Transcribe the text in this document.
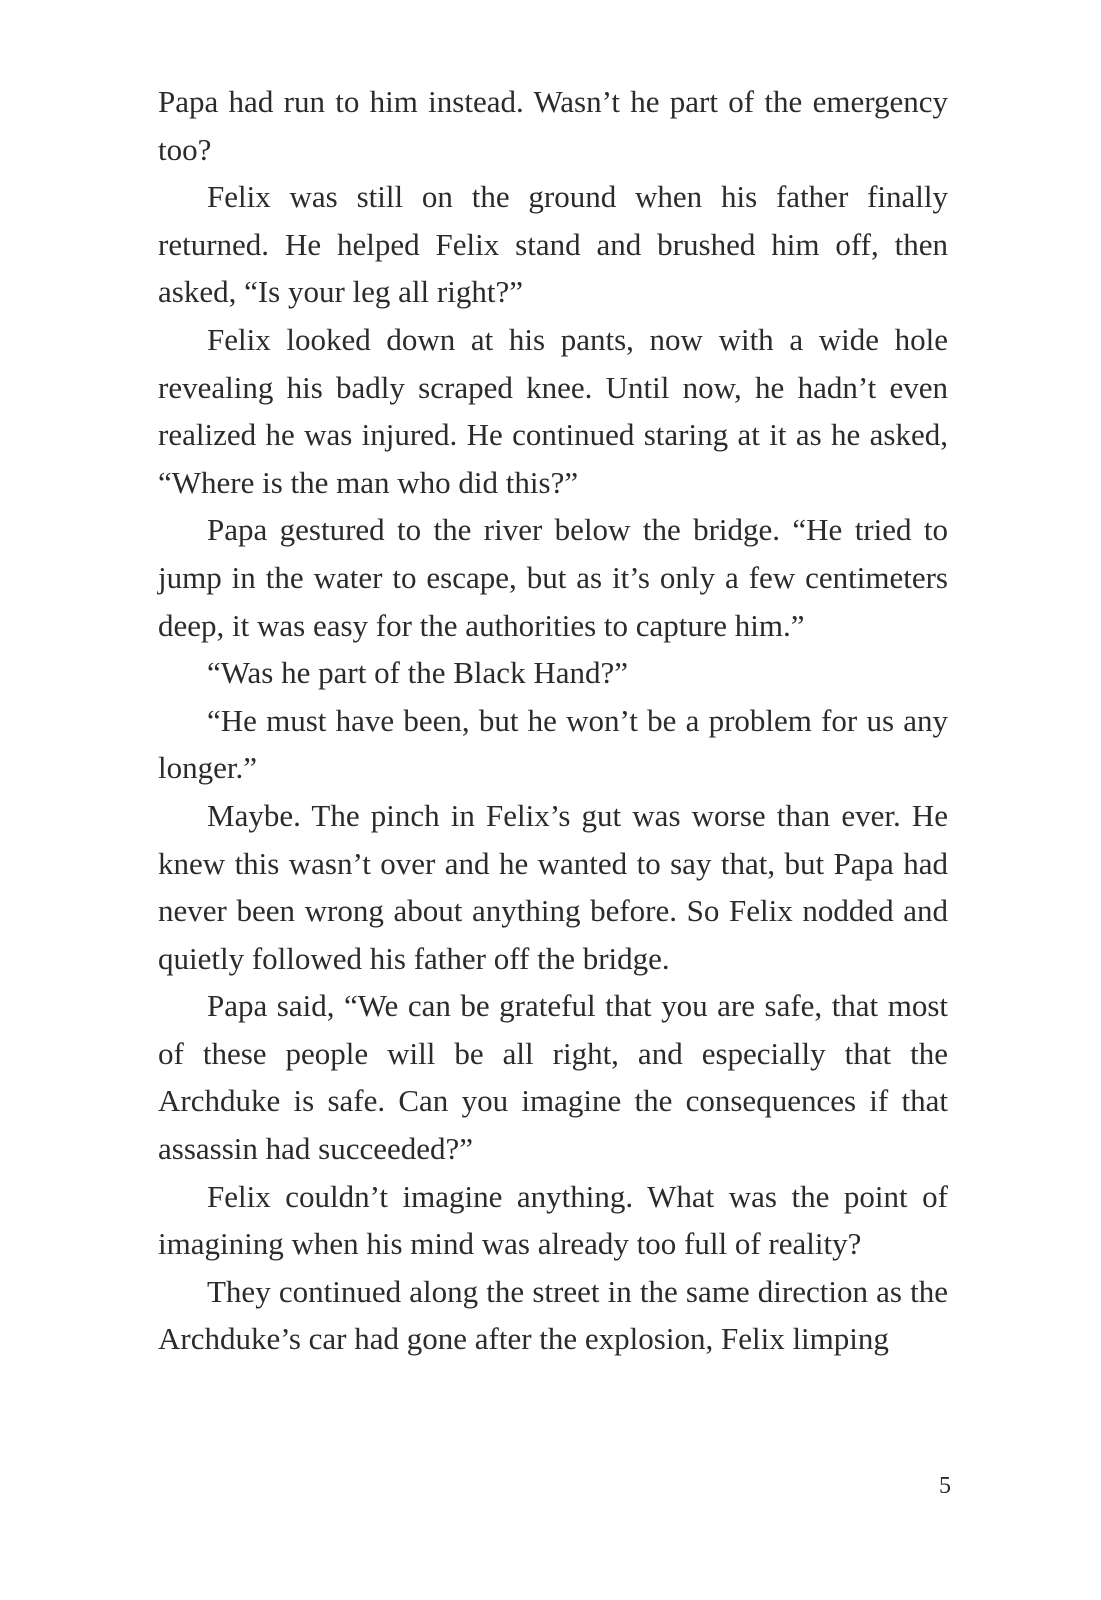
Papa had run to him instead. Wasn’t he part of the emergency too?

Felix was still on the ground when his father finally returned. He helped Felix stand and brushed him off, then asked, “Is your leg all right?”

Felix looked down at his pants, now with a wide hole revealing his badly scraped knee. Until now, he hadn’t even realized he was injured. He continued staring at it as he asked, “Where is the man who did this?”

Papa gestured to the river below the bridge. “He tried to jump in the water to escape, but as it’s only a few centimeters deep, it was easy for the authorities to capture him.”

“Was he part of the Black Hand?”

“He must have been, but he won’t be a problem for us any longer.”

Maybe. The pinch in Felix’s gut was worse than ever. He knew this wasn’t over and he wanted to say that, but Papa had never been wrong about anything before. So Felix nodded and quietly followed his father off the bridge.

Papa said, “We can be grateful that you are safe, that most of these people will be all right, and especially that the Archduke is safe. Can you imagine the consequences if that assassin had succeeded?”

Felix couldn’t imagine anything. What was the point of imagining when his mind was already too full of reality?

They continued along the street in the same direction as the Archduke’s car had gone after the explosion, Felix limping

5
